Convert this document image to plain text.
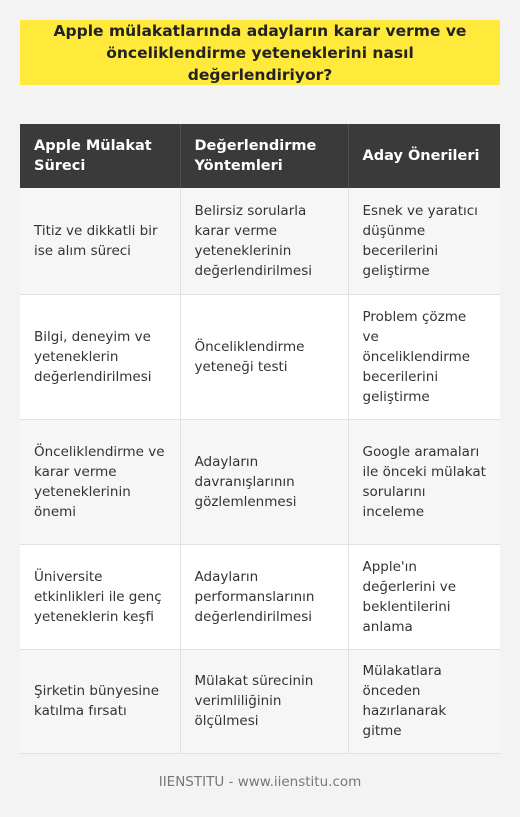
Apple mülakatlarında adayların karar verme ve önceliklendirme yeteneklerini nasıl değerlendiriyor?
Apple Mülakat Süreci	Değerlendirme Yöntemleri	Aday Önerileri
Titiz ve dikkatli bir ise alım süreci	Belirsiz sorularla karar verme yeteneklerinin değerlendirilmesi	Esnek ve yaratıcı düşünme becerilerini geliştirme
Bilgi, deneyim ve yeteneklerin değerlendirilmesi	Önceliklendirme yeteneği testi	Problem çözme ve önceliklendirme becerilerini geliştirme
Önceliklendirme ve karar verme yeteneklerinin önemi	Adayların davranışlarının gözlemlenmesi	Google aramaları ile önceki mülakat sorularını inceleme
Üniversite etkinlikleri ile genç yeteneklerin keşfi	Adayların performanslarının değerlendirilmesi	Apple'ın değerlerini ve beklentilerini anlama
Şirketin bünyesine katılma fırsatı	Mülakat sürecinin verimliliğinin ölçülmesi	Mülakatlara önceden hazırlanarak gitme
IIENSTITU - www.iienstitu.com
